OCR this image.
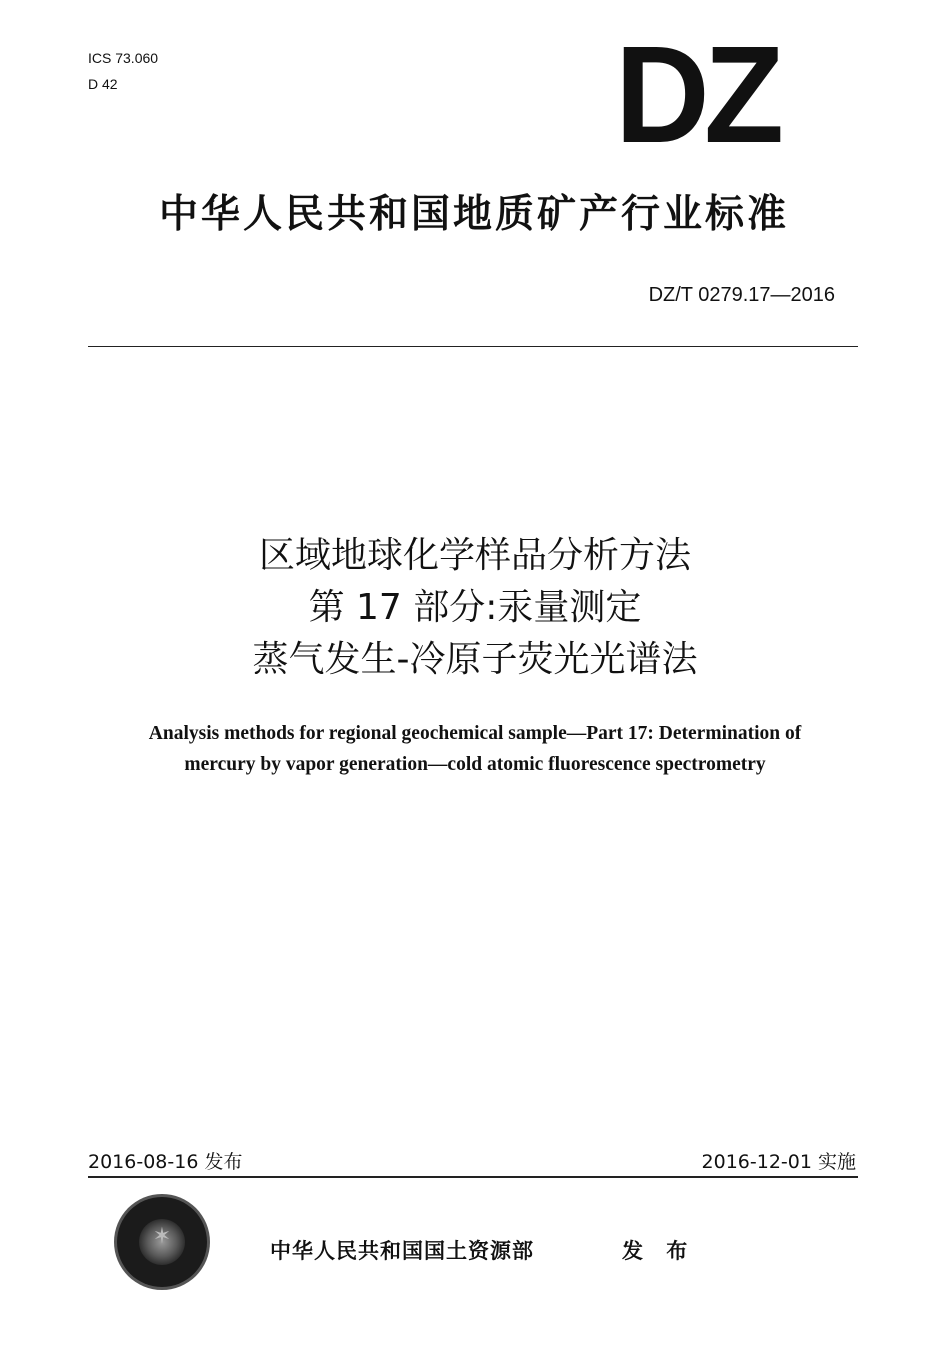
ICS 73.060
D 42	DZ
中华人民共和国地质矿产行业标准
DZ/T 0279.17—2016
区域地球化学样品分析方法
第 17 部分:汞量测定
蒸气发生-冷原子荧光光谱法
Analysis methods for regional geochemical sample—Part 17: Determination of
mercury by vapor generation—cold atomic fluorescence spectrometry
2016-08-16 发布	2016-12-01 实施
✶
中华人民共和国国土资源部	发 布
